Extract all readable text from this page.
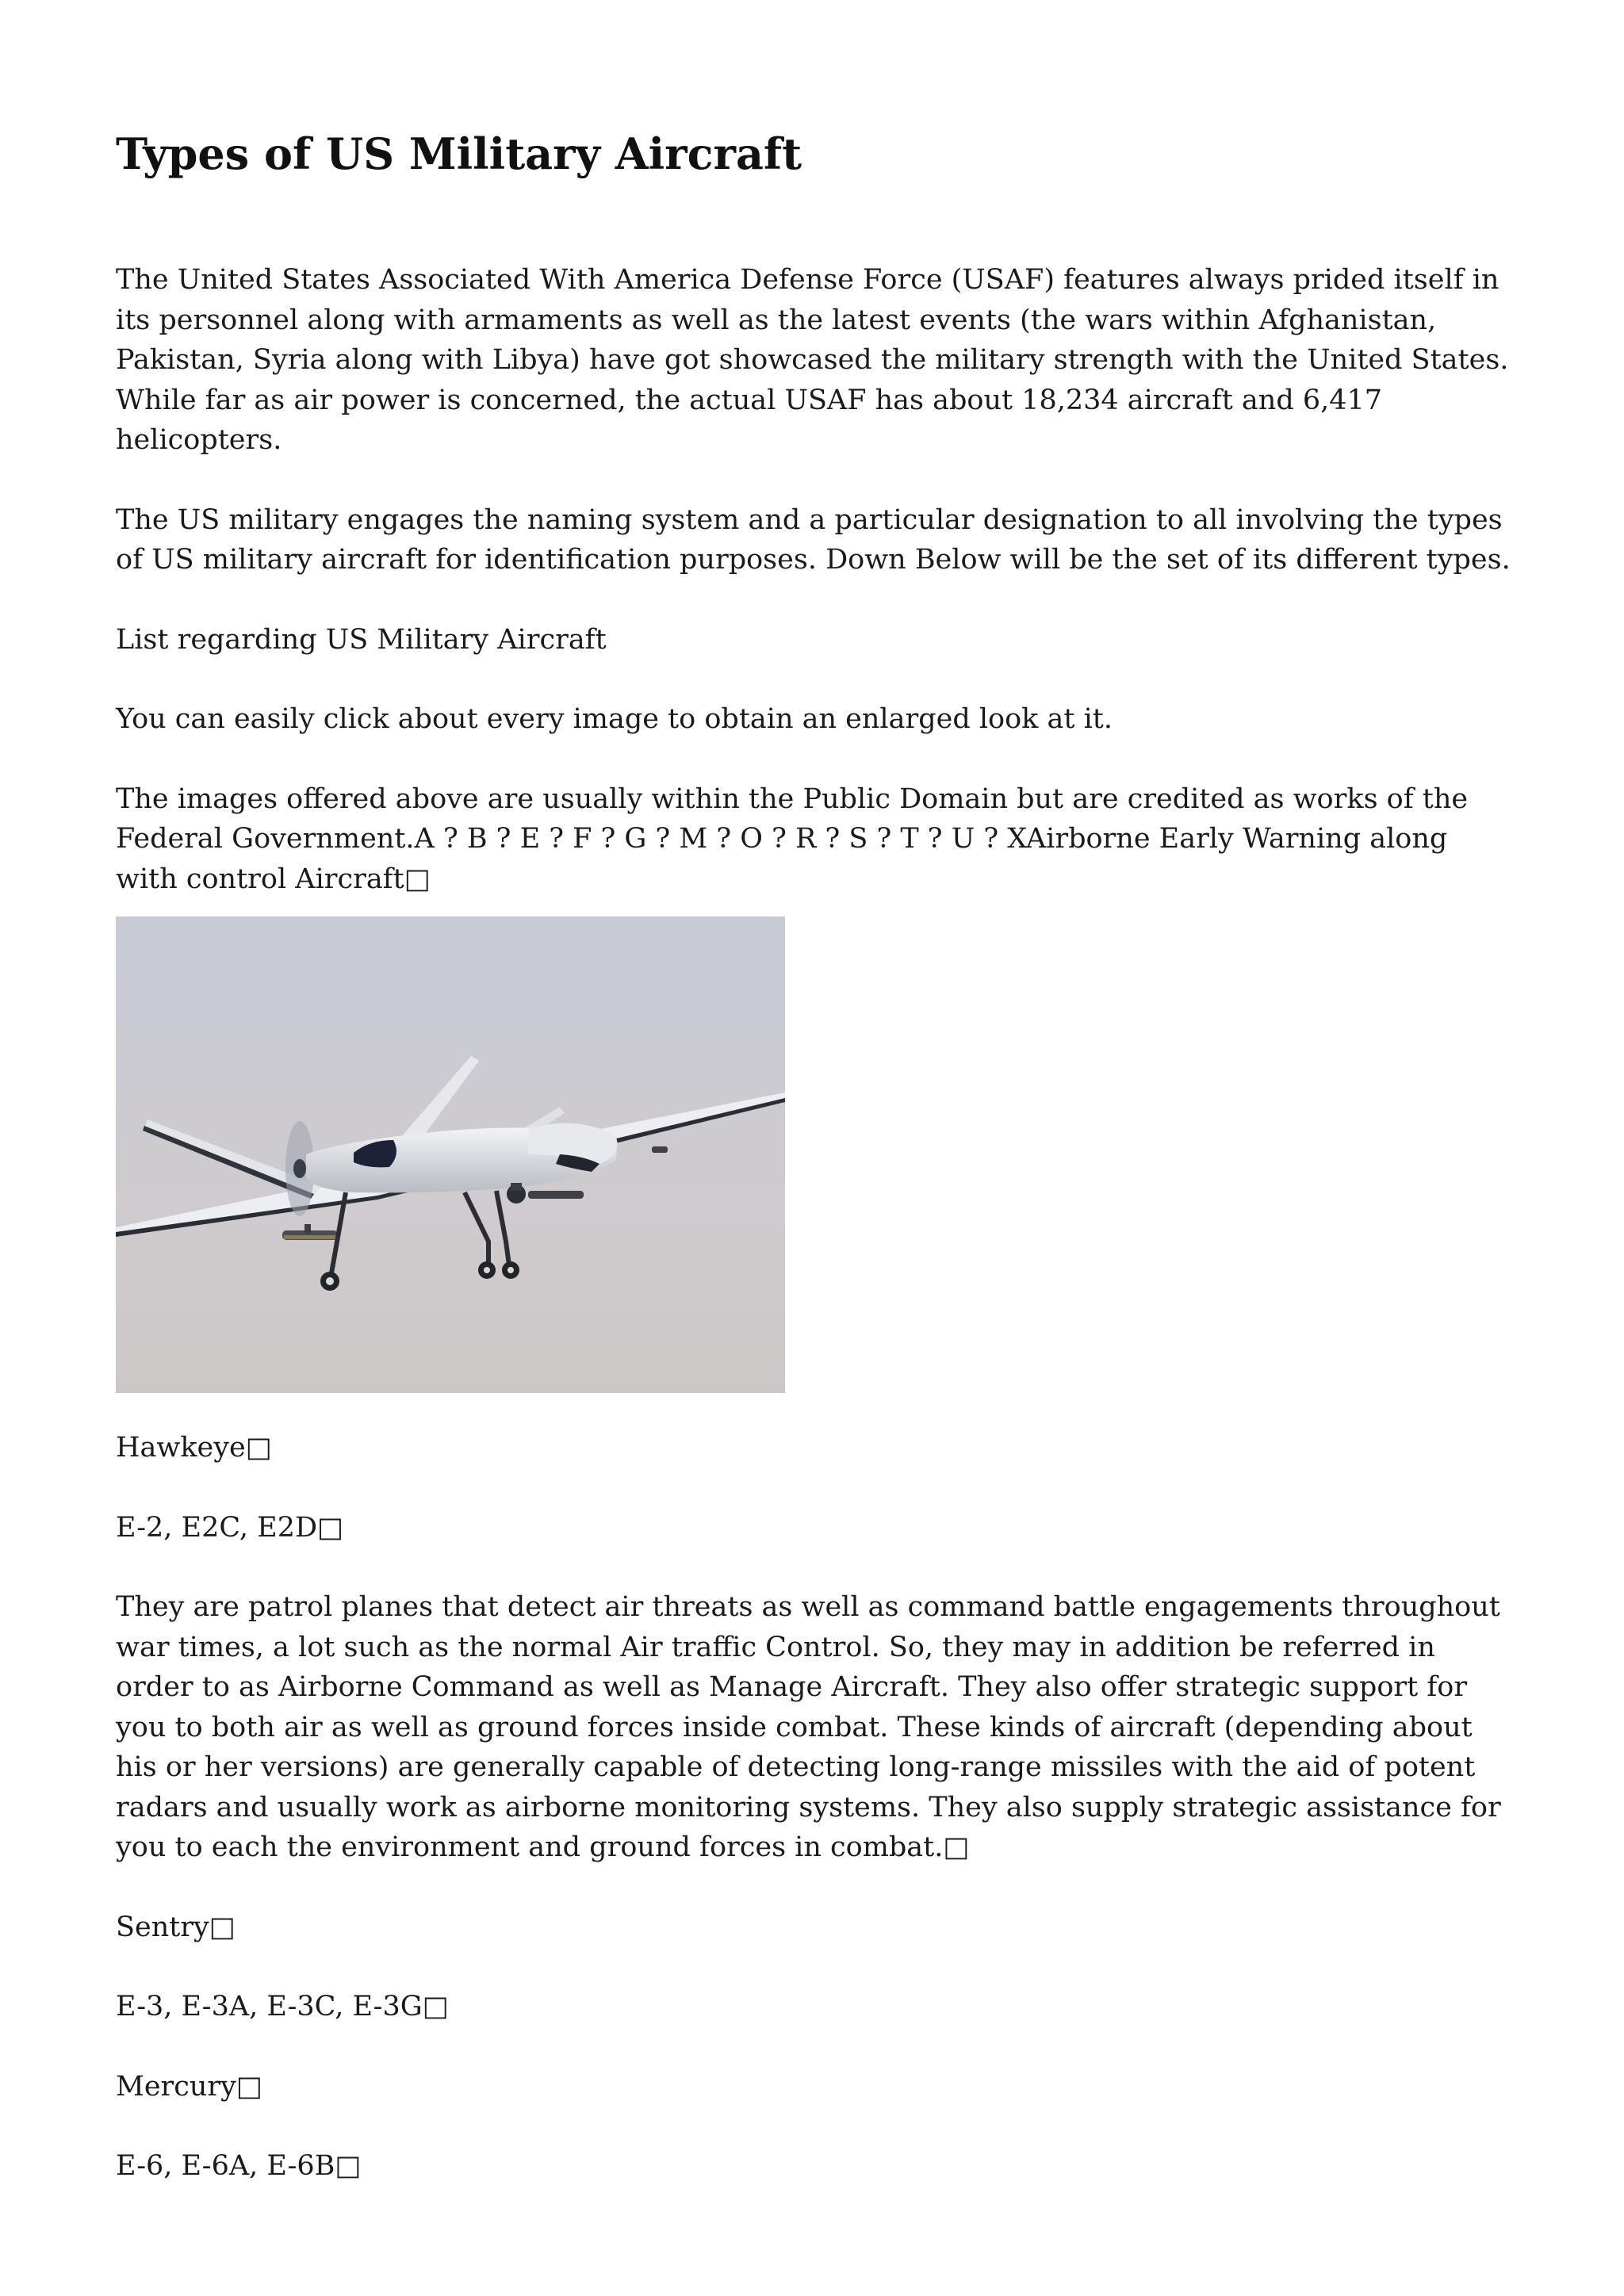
Types of US Military Aircraft

The United States Associated With America Defense Force (USAF) features always prided itself in its personnel along with armaments as well as the latest events (the wars within Afghanistan, Pakistan, Syria along with Libya) have got showcased the military strength with the United States. While far as air power is concerned, the actual USAF has about 18,234 aircraft and 6,417 helicopters.

The US military engages the naming system and a particular designation to all involving the types of US military aircraft for identification purposes. Down Below will be the set of its different types.

List regarding US Military Aircraft

You can easily click about every image to obtain an enlarged look at it.

The images offered above are usually within the Public Domain but are credited as works of the Federal Government.A ? B ? E ? F ? G ? M ? O ? R ? S ? T ? U ? XAirborne Early Warning along with control Aircraft□

Hawkeye□

E-2, E2C, E2D□

They are patrol planes that detect air threats as well as command battle engagements throughout war times, a lot such as the normal Air traffic Control. So, they may in addition be referred in order to as Airborne Command as well as Manage Aircraft. They also offer strategic support for you to both air as well as ground forces inside combat. These kinds of aircraft (depending about his or her versions) are generally capable of detecting long-range missiles with the aid of potent radars and usually work as airborne monitoring systems. They also supply strategic assistance for you to each the environment and ground forces in combat.□

Sentry□

E-3, E-3A, E-3C, E-3G□

Mercury□

E-6, E-6A, E-6B□
